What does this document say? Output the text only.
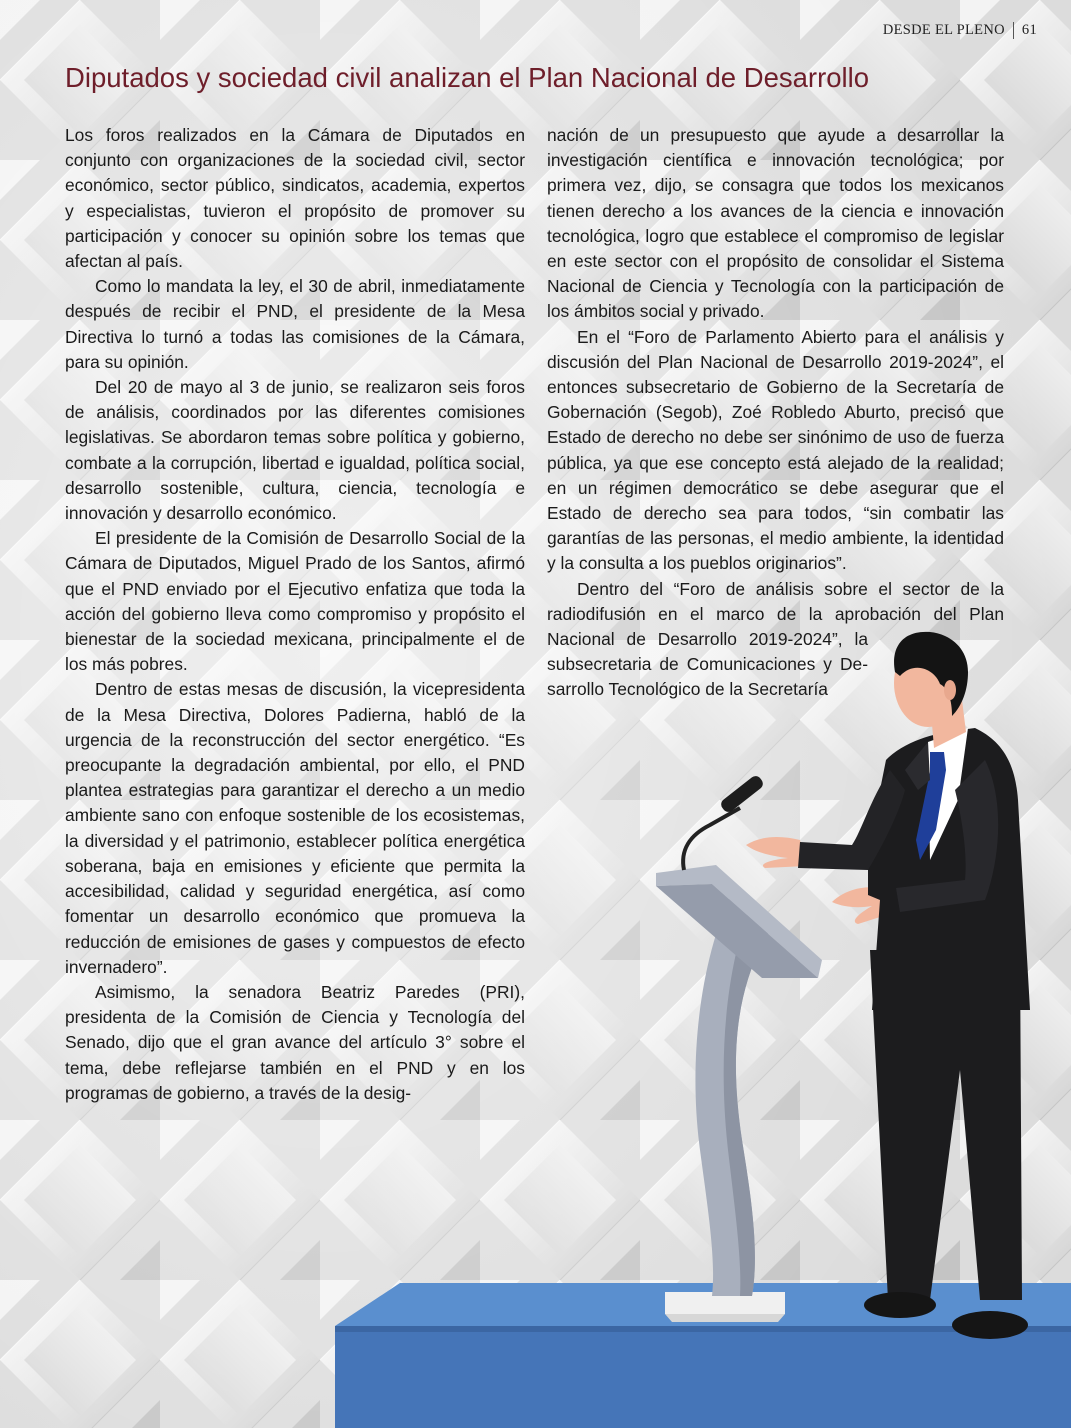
DESDE EL PLENO 61
Diputados y sociedad civil analizan el Plan Nacional de Desarrollo

Los foros realizados en la Cámara de Diputados en conjunto con organizaciones de la sociedad civil, sector económico, sector público, sindicatos, academia, expertos y especialistas, tuvieron el propósito de promover su participación y conocer su opinión sobre los temas que afectan al país.

Como lo mandata la ley, el 30 de abril, inmediatamente después de recibir el PND, el presidente de la Mesa Directiva lo turnó a todas las comisiones de la Cámara, para su opinión.

Del 20 de mayo al 3 de junio, se realizaron seis foros de análisis, coordinados por las diferentes comisiones legislativas. Se abordaron temas sobre política y gobierno, combate a la corrupción, libertad e igualdad, política social, desarrollo sostenible, cultura, ciencia, tecnología e innovación y desarrollo económico.

El presidente de la Comisión de Desarrollo Social de la Cámara de Diputados, Miguel Prado de los Santos, afirmó que el PND enviado por el Ejecutivo enfatiza que toda la acción del gobierno lleva como compromiso y propósito el bienestar de la sociedad mexicana, principalmente el de los más pobres.

Dentro de estas mesas de discusión, la vicepresidenta de la Mesa Directiva, Dolores Padierna, habló de la urgencia de la reconstrucción del sector energético. “Es preocupante la degradación ambiental, por ello, el PND plantea estrategias para garantizar el derecho a un medio ambiente sano con enfoque sostenible de los ecosistemas, la diversidad y el patrimonio, establecer política energética soberana, baja en emisiones y eficiente que permita la accesibilidad, calidad y seguridad energética, así como fomentar un desarrollo económico que promueva la reducción de emisiones de gases y compuestos de efecto invernadero”.

Asimismo, la senadora Beatriz Paredes (PRI), presidenta de la Comisión de Ciencia y Tecnología del Senado, dijo que el gran avance del artículo 3° sobre el tema, debe reflejarse también en el PND y en los programas de gobierno, a través de la desig-

nación de un presupuesto que ayude a desarrollar la investigación científica e innovación tecnológica; por primera vez, dijo, se consagra que todos los mexicanos tienen derecho a los avances de la ciencia e innovación tecnológica, logro que establece el compromiso de legislar en este sector con el propósito de consolidar el Sistema Nacional de Ciencia y Tecnología con la participación de los ámbitos social y privado.

En el “Foro de Parlamento Abierto para el análisis y discusión del Plan Nacional de Desarrollo 2019-2024”, el entonces subsecretario de Gobierno de la Secretaría de Gobernación (Segob), Zoé Robledo Aburto, precisó que Estado de derecho no debe ser sinónimo de uso de fuerza pública, ya que ese concepto está alejado de la realidad; en un régimen democrático se debe asegurar que el Estado de derecho sea para todos, “sin combatir las garantías de las personas, el medio ambiente, la identidad y la consulta a los pueblos originarios”.

Dentro del “Foro de análisis sobre el sector de la radiodifusión en el marco de la aprobación del Plan Nacional de Desarrollo 2019-2024”, la subsecretaria de Comunicaciones y Desarrollo Tecnológico de la Secretaría
